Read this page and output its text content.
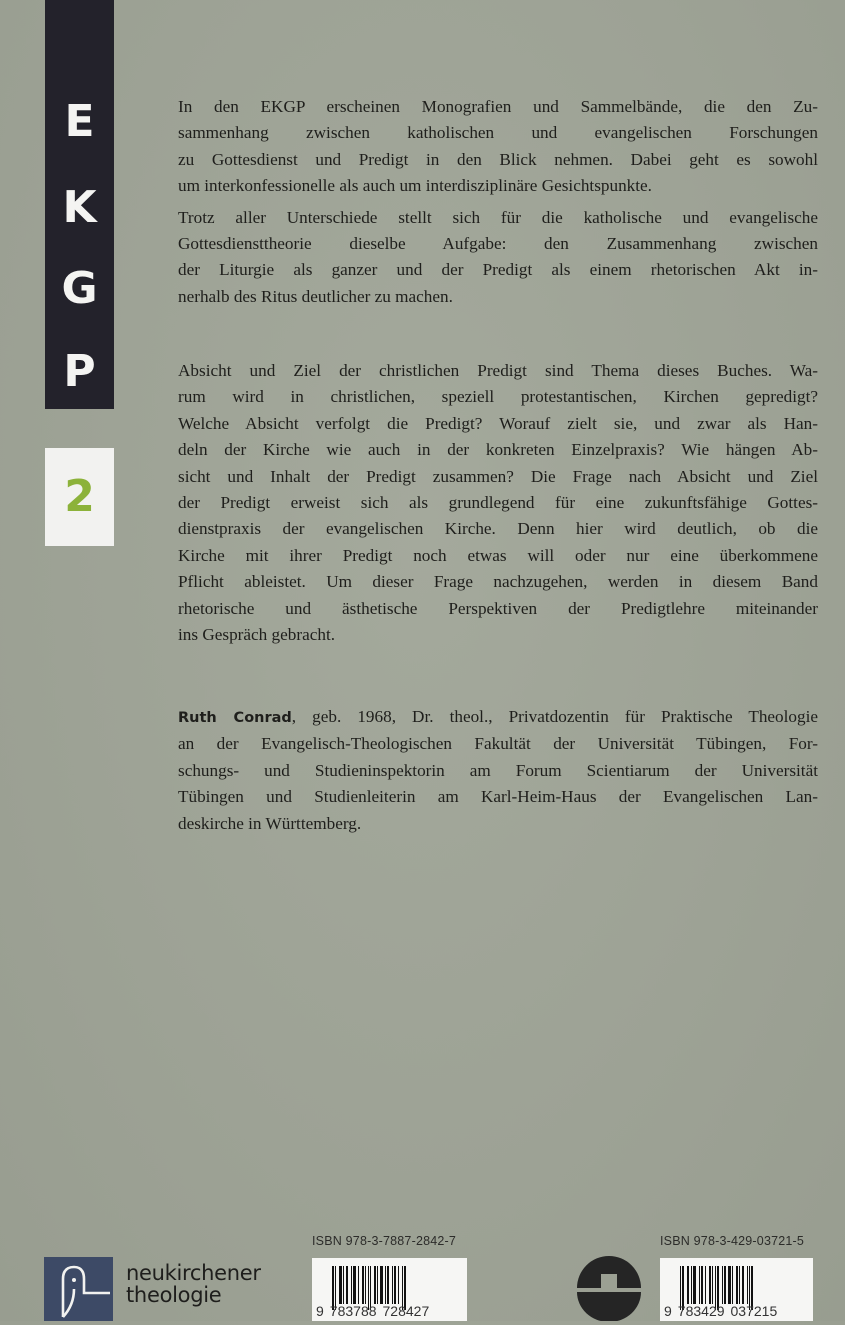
E
K
G
P
2

In den EKGP erscheinen Monografien und Sammelbände, die den Zu-
sammenhang zwischen katholischen und evangelischen Forschungen
zu Gottesdienst und Predigt in den Blick nehmen. Dabei geht es sowohl
um interkonfessionelle als auch um interdisziplinäre Gesichtspunkte.

Trotz aller Unterschiede stellt sich für die katholische und evangelische
Gottesdiensttheorie dieselbe Aufgabe: den Zusammenhang zwischen
der Liturgie als ganzer und der Predigt als einem rhetorischen Akt in-
nerhalb des Ritus deutlicher zu machen.

Absicht und Ziel der christlichen Predigt sind Thema dieses Buches. Wa-
rum wird in christlichen, speziell protestantischen, Kirchen gepredigt?
Welche Absicht verfolgt die Predigt? Worauf zielt sie, und zwar als Han-
deln der Kirche wie auch in der konkreten Einzelpraxis? Wie hängen Ab-
sicht und Inhalt der Predigt zusammen? Die Frage nach Absicht und Ziel
der Predigt erweist sich als grundlegend für eine zukunftsfähige Gottes-
dienstpraxis der evangelischen Kirche. Denn hier wird deutlich, ob die
Kirche mit ihrer Predigt noch etwas will oder nur eine überkommene
Pflicht ableistet. Um dieser Frage nachzugehen, werden in diesem Band
rhetorische und ästhetische Perspektiven der Predigtlehre miteinander
ins Gespräch gebracht.

Ruth Conrad, geb. 1968, Dr. theol., Privatdozentin für Praktische Theologie
an der Evangelisch-Theologischen Fakultät der Universität Tübingen, For-
schungs- und Studieninspektorin am Forum Scientiarum der Universität
Tübingen und Studienleiterin am Karl-Heim-Haus der Evangelischen Lan-
deskirche in Württemberg.

neukirchener
theologie
ISBN 978-3-7887-2842-7
9 783788 728427
ISBN 978-3-429-03721-5
9 783429 037215
